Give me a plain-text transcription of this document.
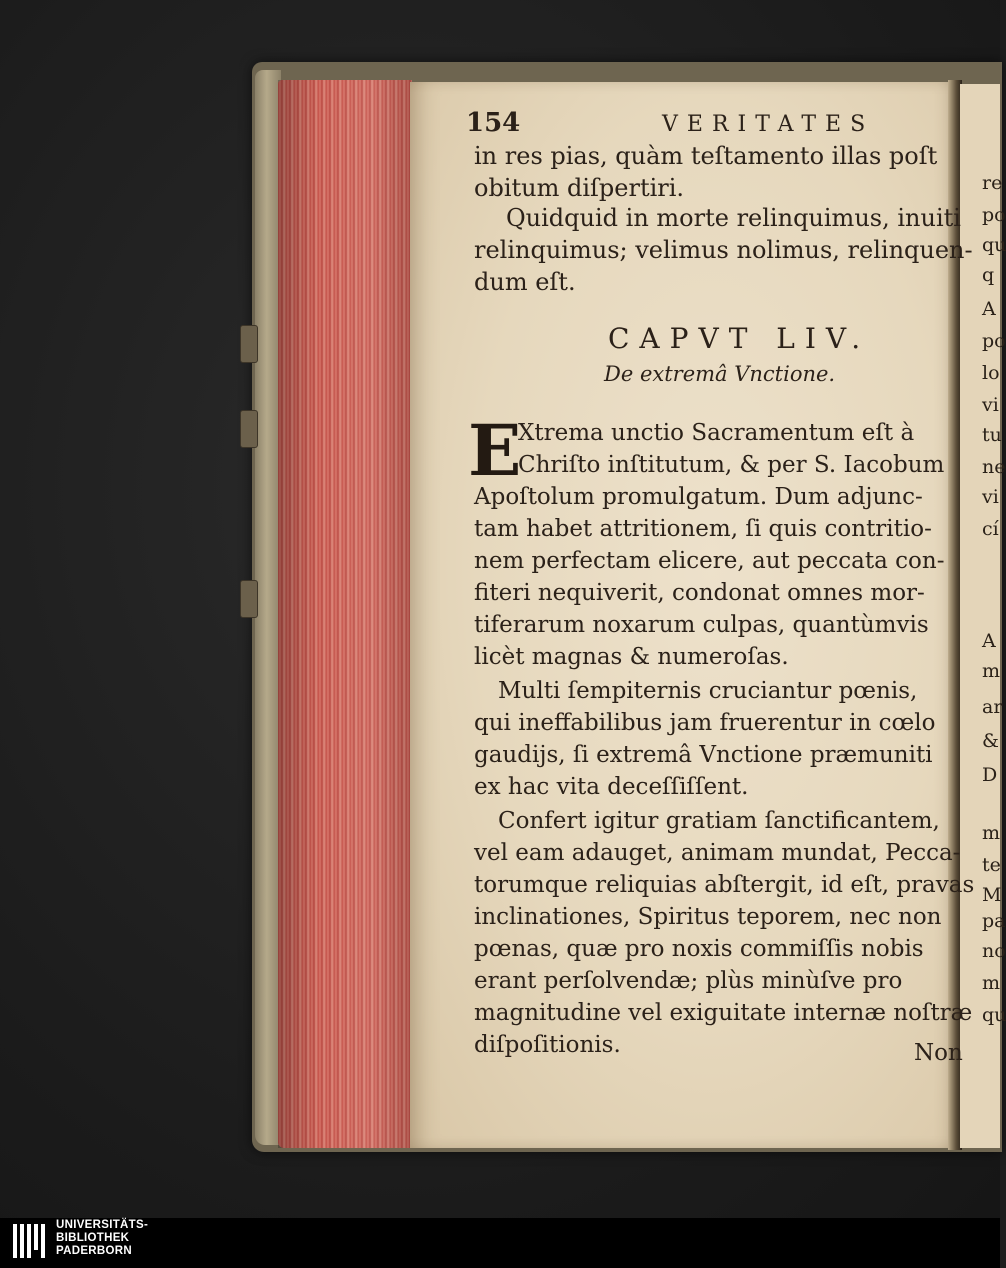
re
po
qu
q
A
po
lo
vi
tu
ne
vi
cí
A
m
ar
&
D
m
te
M
pa
no
m
qu
154	VERITATES
in res pias, quàm teſtamento illas poſt
obitum diſpertiri.
Quidquid in morte relinquimus, inuiti
relinquimus; velimus nolimus, relinquen-
dum eſt.
CAPVT LIV.
De extremâ Vnctione.
E
Xtrema unctio Sacramentum eſt à
Chriſto inſtitutum, & per S. Iacobum
Apoſtolum promulgatum. Dum adjunc-
tam habet attritionem, ſi quis contritio-
nem perfectam elicere, aut peccata con-
fiteri nequiverit, condonat omnes mor-
tiferarum noxarum culpas, quantùmvis
licèt magnas & numeroſas.
Multi ſempiternis cruciantur pœnis,
qui ineffabilibus jam fruerentur in cœlo
gaudijs, ſi extremâ Vnctione præmuniti
ex hac vita deceſſiſſent.
Confert igitur gratiam ſanctificantem,
vel eam adauget, animam mundat, Pecca-
torumque reliquias abſtergit, id eſt, pravas
inclinationes, Spiritus teporem, nec non
pœnas, quæ pro noxis commiſſis nobis
erant perſolvendæ; plùs minùſve pro
magnitudine vel exiguitate internæ noſtræ
diſpoſitionis.	Non
UNIVERSITÄTS-
BIBLIOTHEK
PADERBORN
